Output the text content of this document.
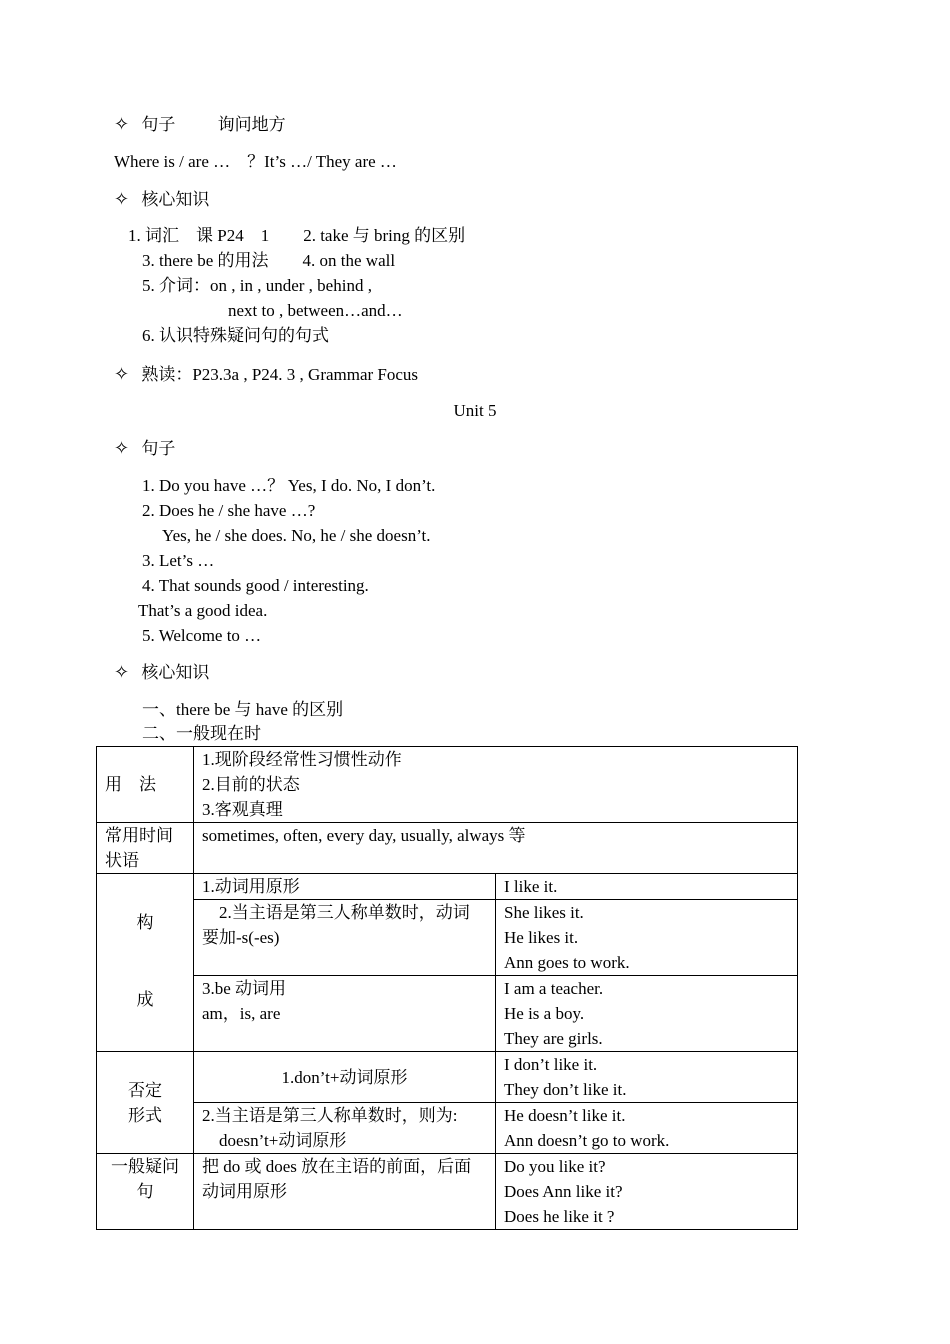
✧ 句子 询问地方
Where is / are …　？It’s …/ They are …
✧ 核心知识
1. 词汇　课 P24　1　　2. take 与 bring 的区别
3. there be 的用法　　4. on the wall
5. 介词：on , in , under , behind ,
next to , between…and…
6. 认识特殊疑问句的句式
✧ 熟读：P23.3a , P24. 3 , Grammar Focus
Unit 5
✧ 句子
1. Do you have …？ Yes, I do. No, I don’t.
2. Does he / she have …?
Yes, he / she does. No, he / she doesn’t.
3. Let’s …
4. That sounds good / interesting.
That’s a good idea.
5. Welcome to …
✧ 核心知识
一、there be 与 have 的区别
二、一般现在时
用　法	1.现阶段经常性习惯性动作
2.目前的状态
3.客观真理	

常用时间
状语	sometimes, often, every day, usually, always 等	

构
成	1.动词用原形	I like it.

	　2.当主语是第三人称单数时，动词
要加-s(-es)	She likes it.
He likes it.
Ann goes to work.

	3.be 动词用
am，is, are	I am a teacher.
He is a boy.
They are girls.

否定
形式	1.don’t+动词原形	I don’t like it.
They don’t like it.

	2.当主语是第三人称单数时，则为:
　doesn’t+动词原形	He doesn’t like it.
Ann doesn’t go to work.

一般疑问
句	把 do 或 does 放在主语的前面，后面
动词用原形	Do you like it?
Does Ann like it?
Does he like it ?
